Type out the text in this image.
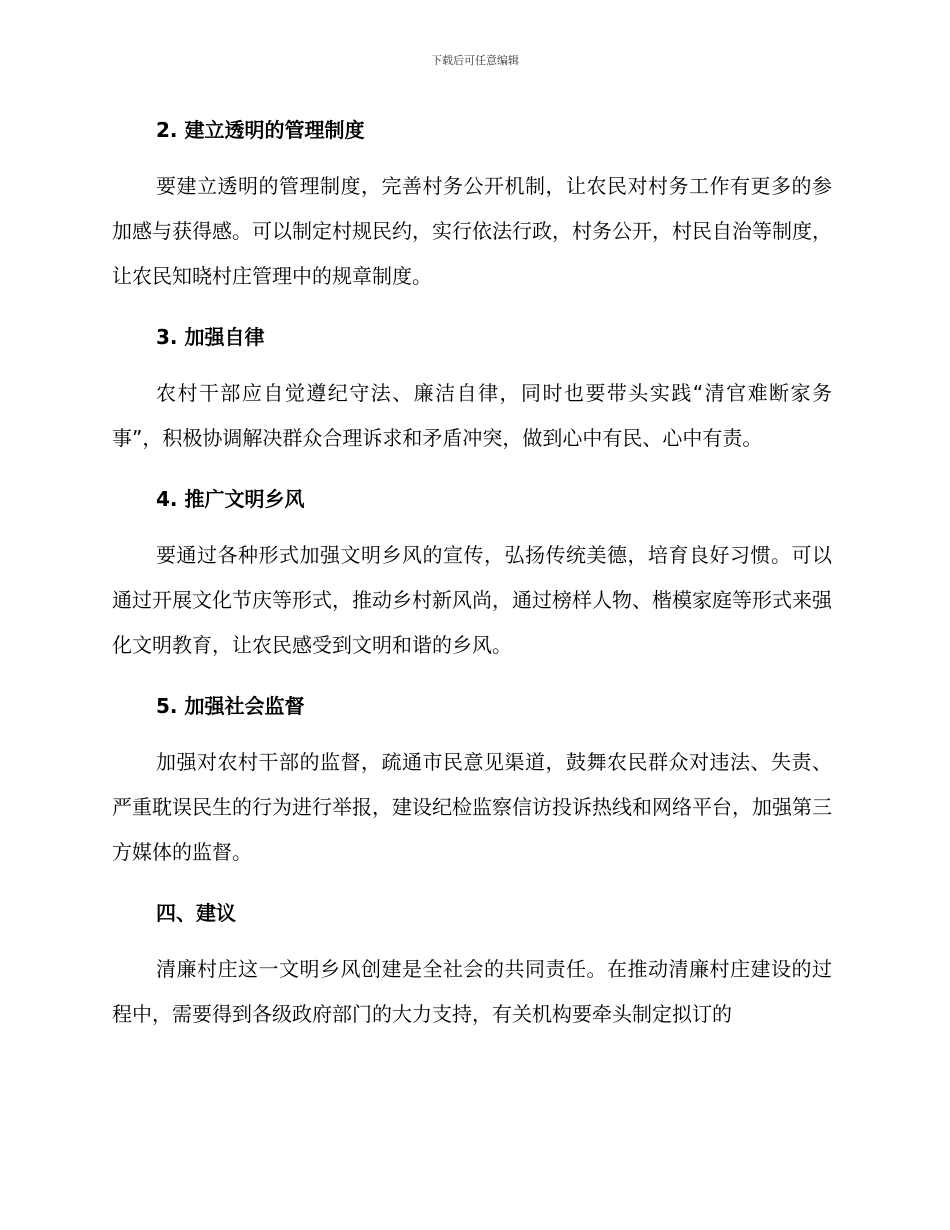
下载后可任意编辑
2. 建立透明的管理制度

要建立透明的管理制度，完善村务公开机制，让农民对村务工作有更多的参加感与获得感。可以制定村规民约，实行依法行政，村务公开，村民自治等制度，让农民知晓村庄管理中的规章制度。

3. 加强自律

农村干部应自觉遵纪守法、廉洁自律，同时也要带头实践“清官难断家务事”，积极协调解决群众合理诉求和矛盾冲突，做到心中有民、心中有责。

4. 推广文明乡风

要通过各种形式加强文明乡风的宣传，弘扬传统美德，培育良好习惯。可以通过开展文化节庆等形式，推动乡村新风尚，通过榜样人物、楷模家庭等形式来强化文明教育，让农民感受到文明和谐的乡风。

5. 加强社会监督

加强对农村干部的监督，疏通市民意见渠道，鼓舞农民群众对违法、失责、严重耽误民生的行为进行举报，建设纪检监察信访投诉热线和网络平台，加强第三方媒体的监督。

四、建议

清廉村庄这一文明乡风创建是全社会的共同责任。在推动清廉村庄建设的过程中，需要得到各级政府部门的大力支持，有关机构要牵头制定拟订的
